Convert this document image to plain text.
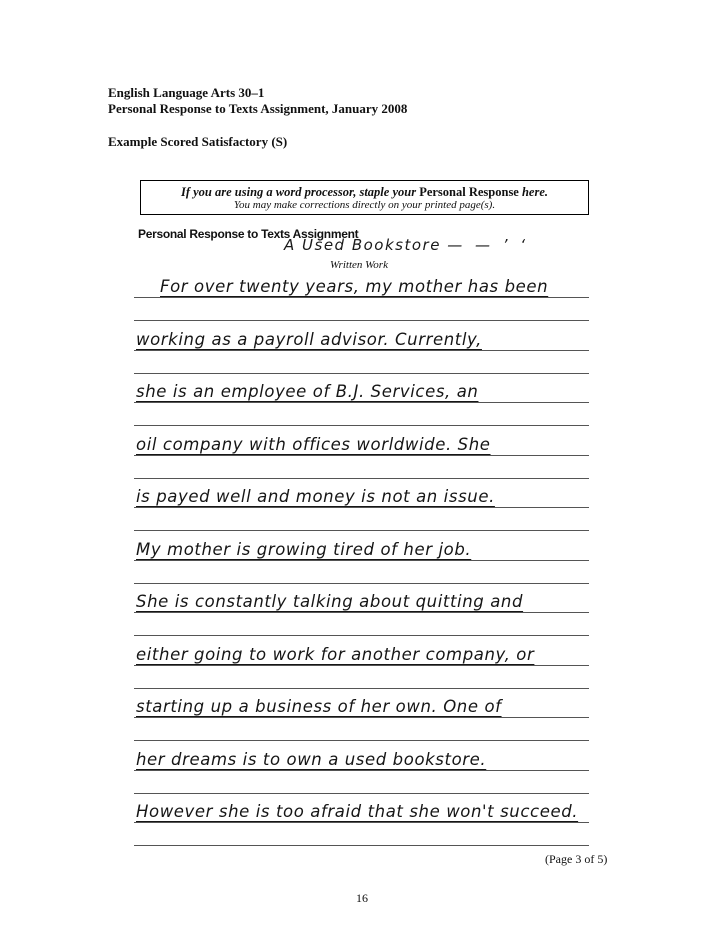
English Language Arts 30–1
Personal Response to Texts Assignment, January 2008
Example Scored Satisfactory (S)
If you are using a word processor, staple your Personal Response here.
You may make corrections directly on your printed page(s).
Personal Response to Texts Assignment
A Used Bookstore — — ’ ‘
Written Work
For over twenty years, my mother has been
working as a payroll advisor. Currently,
she is an employee of B.J. Services, an
oil company with offices worldwide. She
is payed well and money is not an issue.
My mother is growing tired of her job.
She is constantly talking about quitting and
either going to work for another company, or
starting up a business of her own. One of
her dreams is to own a used bookstore.
However she is too afraid that she won't succeed.
(Page 3 of 5)
16
